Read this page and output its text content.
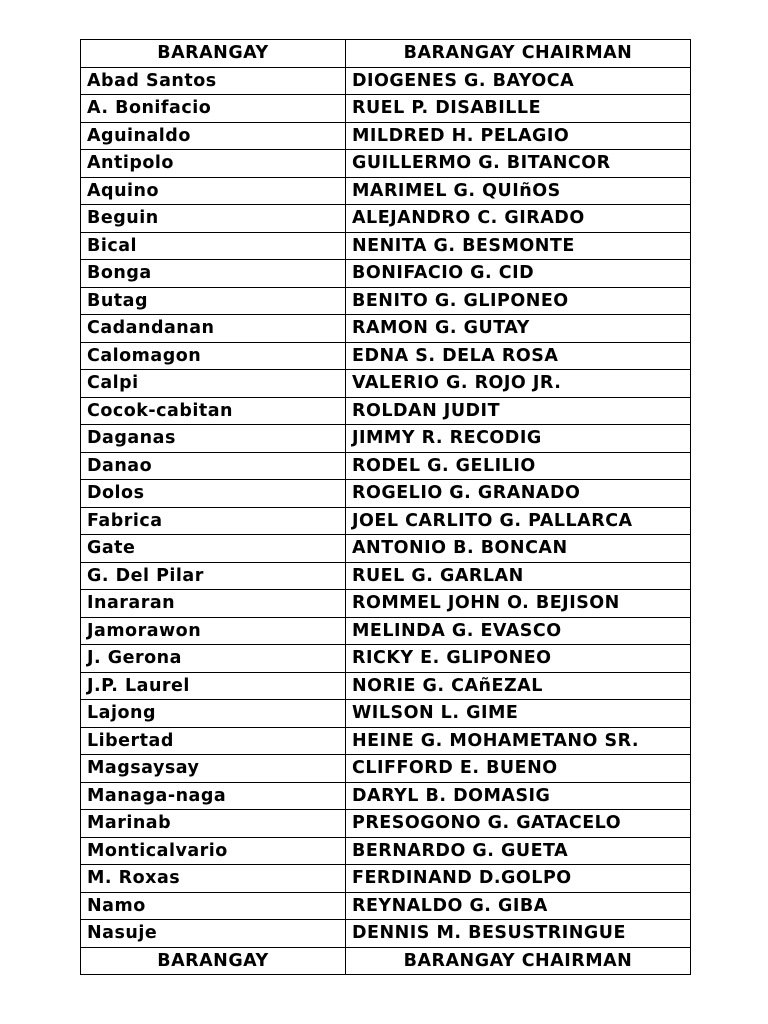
BARANGAY	BARANGAY CHAIRMAN
Abad Santos	DIOGENES G. BAYOCA
A. Bonifacio	RUEL P. DISABILLE
Aguinaldo	MILDRED H. PELAGIO
Antipolo	GUILLERMO G. BITANCOR
Aquino	MARIMEL G. QUIñOS
Beguin	ALEJANDRO C. GIRADO
Bical	NENITA G. BESMONTE
Bonga	BONIFACIO G. CID
Butag	BENITO G. GLIPONEO
Cadandanan	RAMON G. GUTAY
Calomagon	EDNA S. DELA ROSA
Calpi	VALERIO G. ROJO JR.
Cocok-cabitan	ROLDAN JUDIT
Daganas	JIMMY R. RECODIG
Danao	RODEL G. GELILIO
Dolos	ROGELIO G. GRANADO
Fabrica	JOEL CARLITO G. PALLARCA
Gate	ANTONIO B. BONCAN
G. Del Pilar	RUEL G. GARLAN
Inararan	ROMMEL JOHN O. BEJISON
Jamorawon	MELINDA G. EVASCO
J. Gerona	RICKY E. GLIPONEO
J.P. Laurel	NORIE G. CAñEZAL
Lajong	WILSON L. GIME
Libertad	HEINE G. MOHAMETANO SR.
Magsaysay	CLIFFORD E. BUENO
Managa-naga	DARYL B. DOMASIG
Marinab	PRESOGONO G. GATACELO
Monticalvario	BERNARDO G. GUETA
M. Roxas	FERDINAND D.GOLPO
Namo	REYNALDO G. GIBA
Nasuje	DENNIS M. BESUSTRINGUE
BARANGAY	BARANGAY CHAIRMAN
